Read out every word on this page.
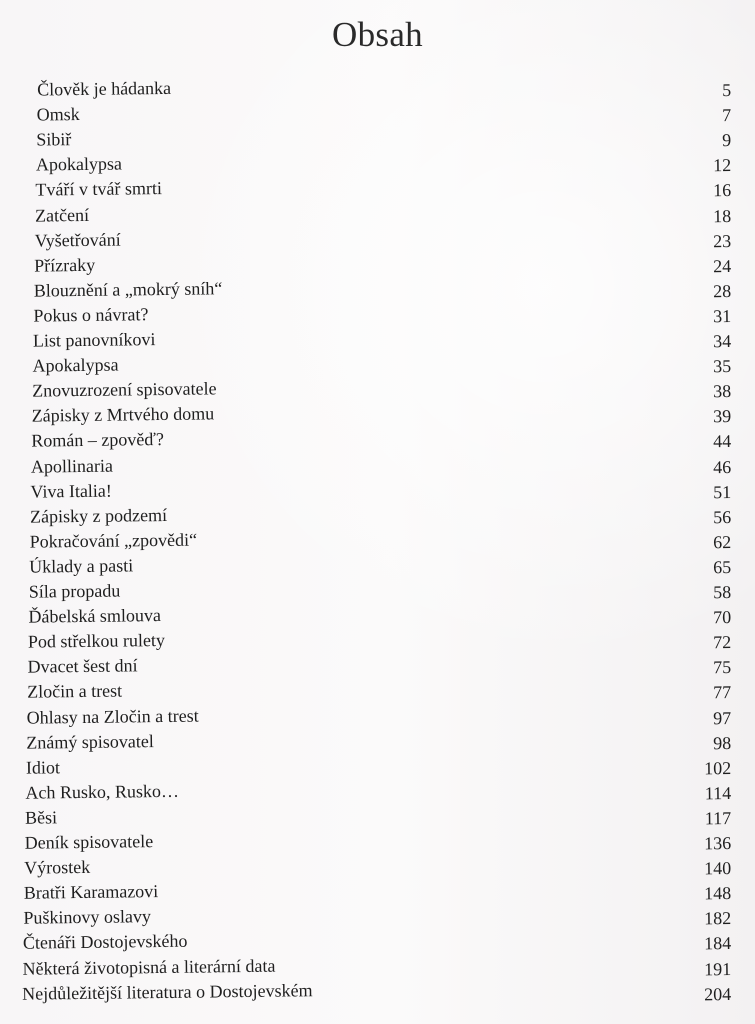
Obsah
Člověk je hádanka	5
Omsk	7
Sibiř	9
Apokalypsa	12
Tváří v tvář smrti	16
Zatčení	18
Vyšetřování	23
Přízraky	24
Blouznění a „mokrý sníh“	28
Pokus o návrat?	31
List panovníkovi	34
Apokalypsa	35
Znovuzrození spisovatele	38
Zápisky z Mrtvého domu	39
Román – zpověď?	44
Apollinaria	46
Viva Italia!	51
Zápisky z podzemí	56
Pokračování „zpovědi“	62
Úklady a pasti	65
Síla propadu	58
Ďábelská smlouva	70
Pod střelkou rulety	72
Dvacet šest dní	75
Zločin a trest	77
Ohlasy na Zločin a trest	97
Známý spisovatel	98
Idiot	102
Ach Rusko, Rusko…	114
Běsi	117
Deník spisovatele	136
Výrostek	140
Bratři Karamazovi	148
Puškinovy oslavy	182
Čtenáři Dostojevského	184
Některá životopisná a literární data	191
Nejdůležitější literatura o Dostojevském	204
